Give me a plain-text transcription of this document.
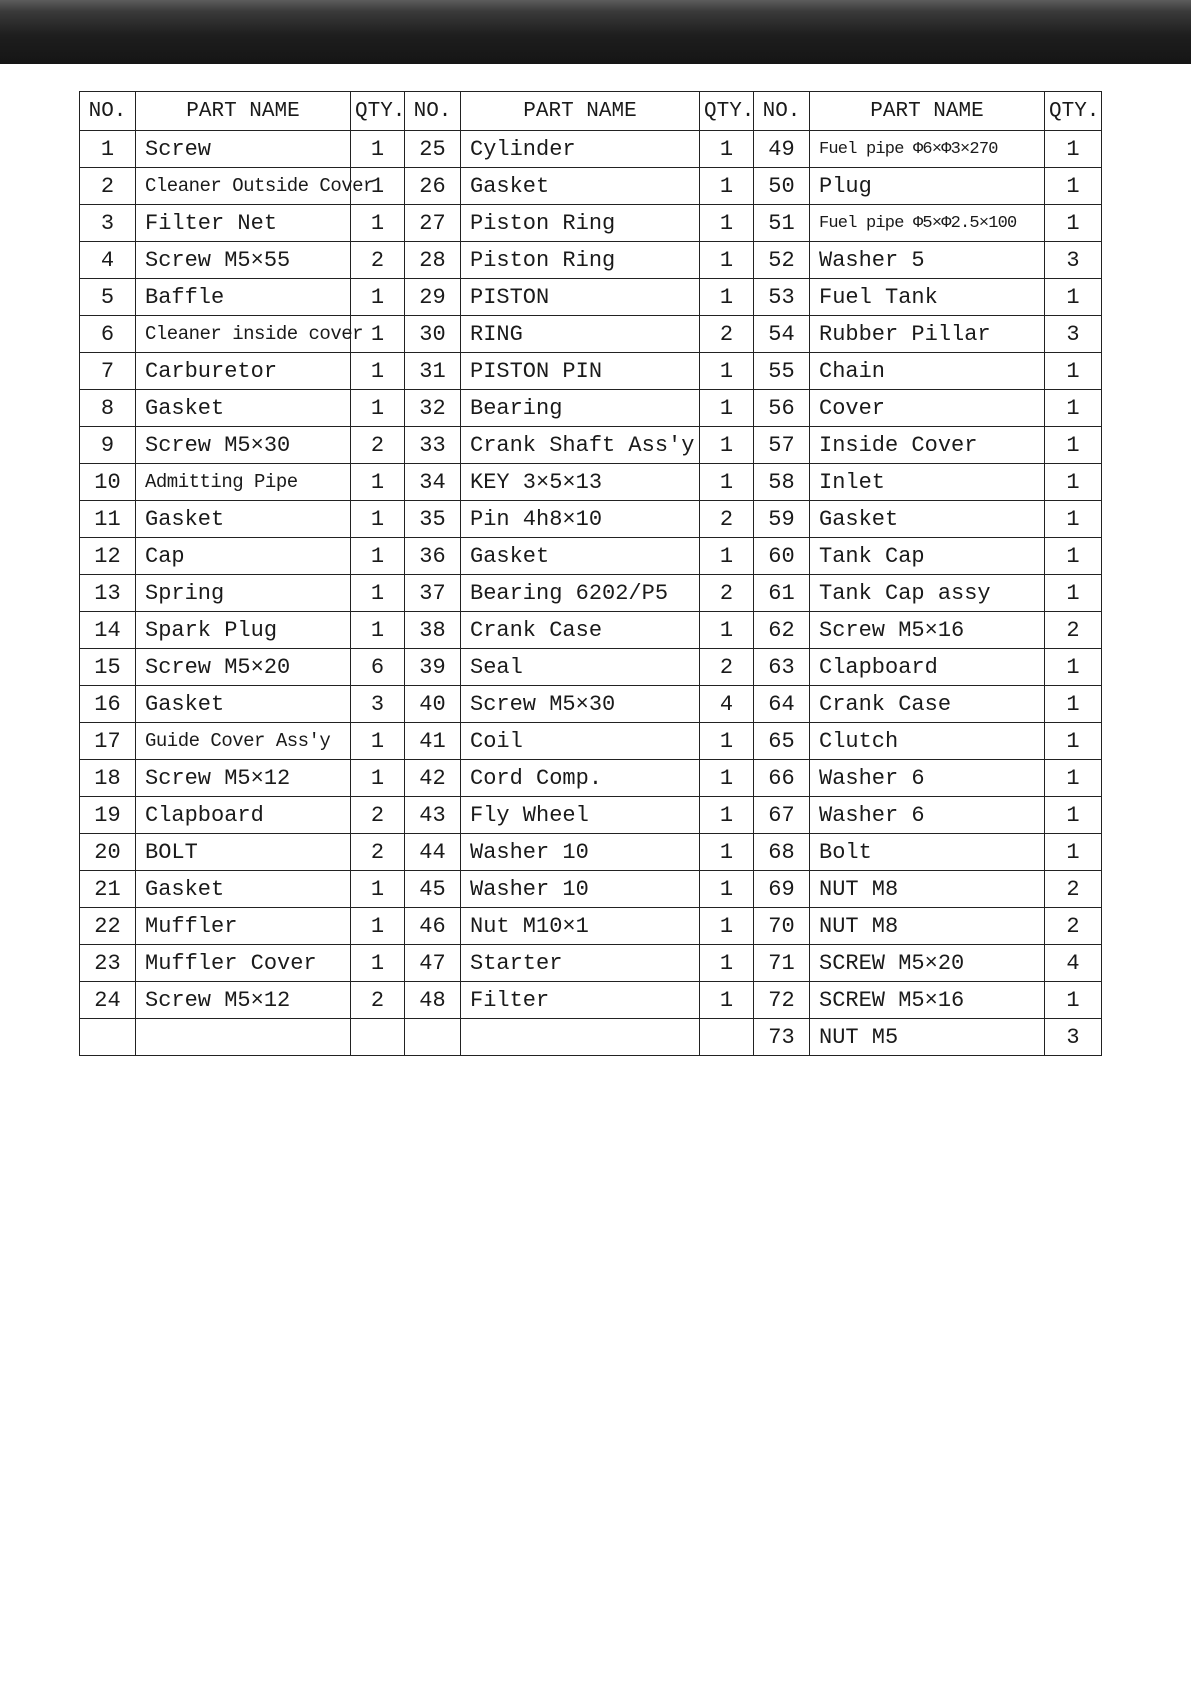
NO.	PART NAME	QTY.	NO.	PART NAME	QTY.	NO.	PART NAME	QTY.
1	Screw	1	25	Cylinder	1	49	Fuel pipe Φ6×Φ3×270	1
2	Cleaner Outside Cover	1	26	Gasket	1	50	Plug	1
3	Filter Net	1	27	Piston Ring	1	51	Fuel pipe Φ5×Φ2.5×100	1
4	Screw M5×55	2	28	Piston Ring	1	52	Washer 5	3
5	Baffle	1	29	PISTON	1	53	Fuel Tank	1
6	Cleaner inside cover	1	30	RING	2	54	Rubber Pillar	3
7	Carburetor	1	31	PISTON PIN	1	55	Chain	1
8	Gasket	1	32	Bearing	1	56	Cover	1
9	Screw M5×30	2	33	Crank Shaft Ass'y	1	57	Inside Cover	1
10	Admitting Pipe	1	34	KEY 3×5×13	1	58	Inlet	1
11	Gasket	1	35	Pin 4h8×10	2	59	Gasket	1
12	Cap	1	36	Gasket	1	60	Tank Cap	1
13	Spring	1	37	Bearing 6202/P5	2	61	Tank Cap assy	1
14	Spark Plug	1	38	Crank Case	1	62	Screw M5×16	2
15	Screw M5×20	6	39	Seal	2	63	Clapboard	1
16	Gasket	3	40	Screw M5×30	4	64	Crank Case	1
17	Guide Cover Ass'y	1	41	Coil	1	65	Clutch	1
18	Screw M5×12	1	42	Cord Comp.	1	66	Washer 6	1
19	Clapboard	2	43	Fly Wheel	1	67	Washer 6	1
20	BOLT	2	44	Washer 10	1	68	Bolt	1
21	Gasket	1	45	Washer 10	1	69	NUT M8	2
22	Muffler	1	46	Nut M10×1	1	70	NUT M8	2
23	Muffler Cover	1	47	Starter	1	71	SCREW M5×20	4
24	Screw M5×12	2	48	Filter	1	72	SCREW M5×16	1
						73	NUT M5	3
